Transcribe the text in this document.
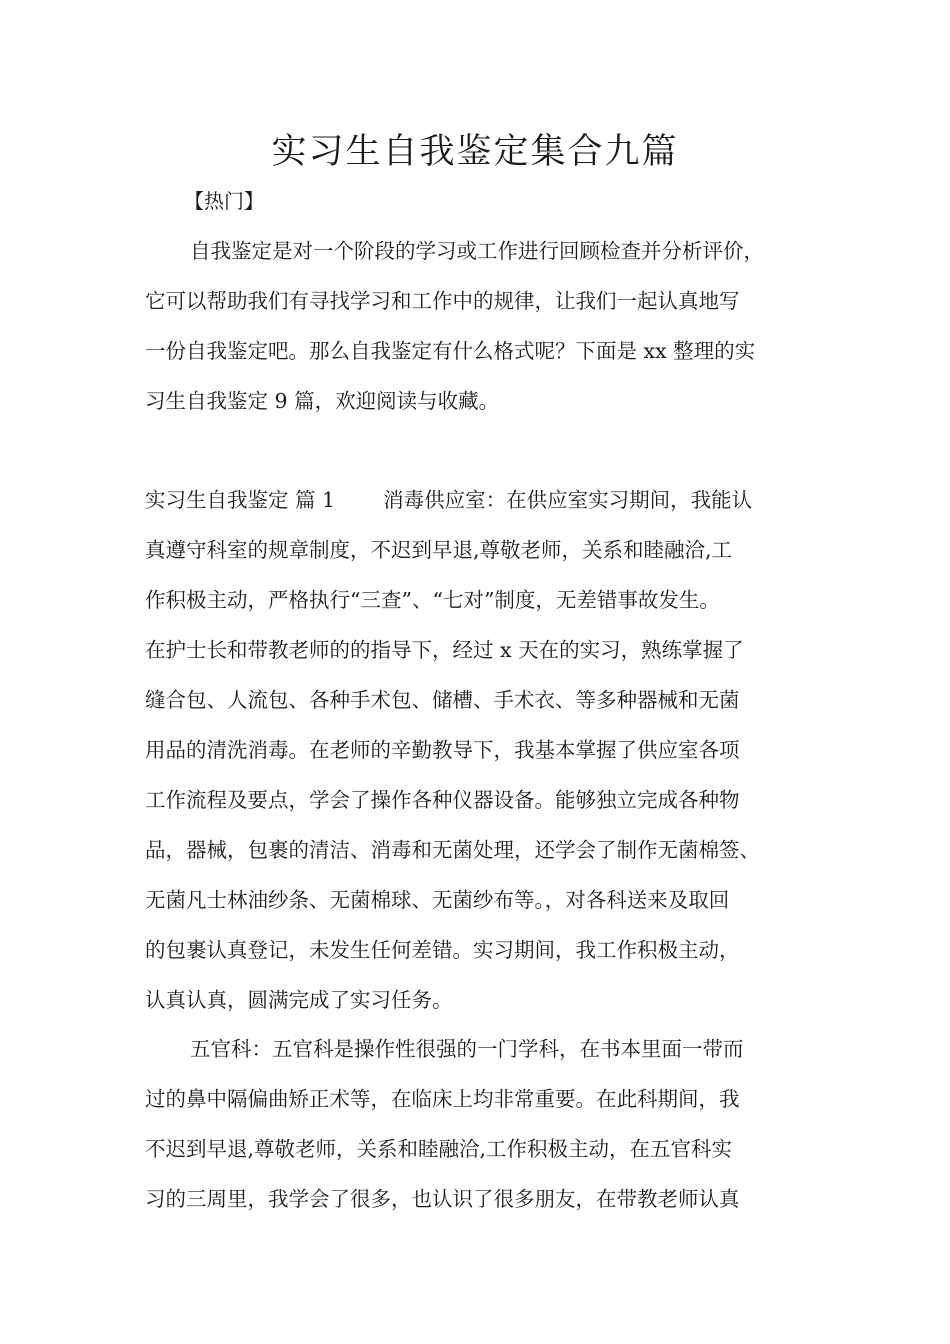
实习生自我鉴定集合九篇

【热门】

自我鉴定是对一个阶段的学习或工作进行回顾检查并分析评价，

它可以帮助我们有寻找学习和工作中的规律，让我们一起认真地写

一份自我鉴定吧。那么自我鉴定有什么格式呢？下面是 xx 整理的实

习生自我鉴定 9 篇，欢迎阅读与收藏。

实习生自我鉴定 篇 1 消毒供应室：在供应室实习期间，我能认

真遵守科室的规章制度，不迟到早退,尊敬老师，关系和睦融洽,工

作积极主动，严格执行“三查”、“七对”制度，无差错事故发生。

在护士长和带教老师的的指导下，经过 x 天在的实习，熟练掌握了

缝合包、人流包、各种手术包、储槽、手术衣、等多种器械和无菌

用品的清洗消毒。在老师的辛勤教导下，我基本掌握了供应室各项

工作流程及要点，学会了操作各种仪器设备。能够独立完成各种物

品，器械，包裹的清洁、消毒和无菌处理，还学会了制作无菌棉签、

无菌凡士林油纱条、无菌棉球、无菌纱布等。，对各科送来及取回

的包裹认真登记，未发生任何差错。实习期间，我工作积极主动，

认真认真，圆满完成了实习任务。

五官科：五官科是操作性很强的一门学科，在书本里面一带而

过的鼻中隔偏曲矫正术等，在临床上均非常重要。在此科期间，我

不迟到早退,尊敬老师，关系和睦融洽,工作积极主动，在五官科实

习的三周里，我学会了很多，也认识了很多朋友，在带教老师认真
